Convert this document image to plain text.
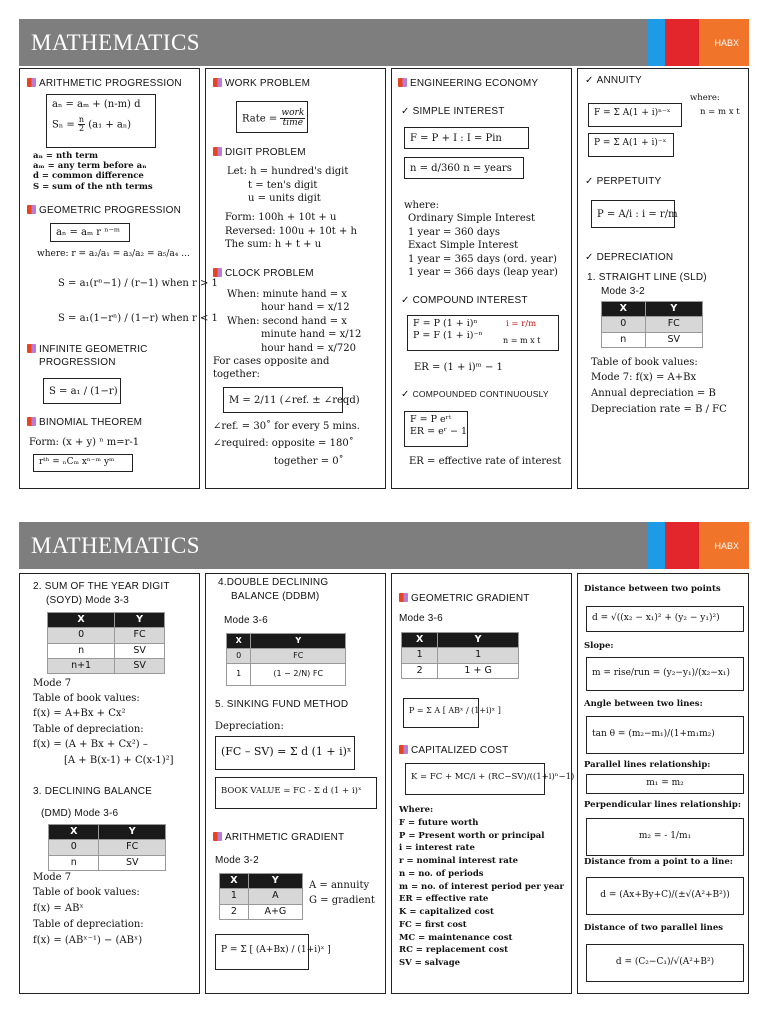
MATHEMATICS	HABX
ARITHMETIC PROGRESSION
aₙ = aₘ + (n-m) d
$S_n = \frac{n}{2} (a_1 + a_n)$
aₙ = nth term
aₘ = any term before aₙ
d = common difference
S = sum of the nth terms
GEOMETRIC PROGRESSION
aₙ = aₘ r ⁿ⁻ᵐ
where: r = a₂/a₁ = a₃/a₂ = a₅/a₄ ...
S = a₁(rⁿ−1) / (r−1) when r > 1
S = a₁(1−rⁿ) / (1−r) when r < 1
INFINITE GEOMETRIC
PROGRESSION
S = a₁ / (1−r)
BINOMIAL THEOREM
Form: (x + y) ⁿ m=r-1
rᵗʰ = ₙCₘ xⁿ⁻ᵐ yᵐ
WORK PROBLEM
Rate = $\frac{\text{work}}{\text{time}}$
DIGIT PROBLEM
Let: h = hundred's digit
t = ten's digit
u = units digit
Form: 100h + 10t + u
Reversed: 100u + 10t + h
The sum: h + t + u
CLOCK PROBLEM
When: minute hand = x
hour hand = x/12
When: second hand = x
minute hand = x/12
hour hand = x/720
For cases opposite and
together:
M = 2/11 (∠ref. ± ∠reqd)
∠ref. = 30˚ for every 5 mins.
∠required: opposite = 180˚
together = 0˚
ENGINEERING ECONOMY
✓ SIMPLE INTEREST
F = P + I : I = Pin
n = d/360 n = years
where:
Ordinary Simple Interest
1 year = 360 days
Exact Simple Interest
1 year = 365 days (ord. year)
1 year = 366 days (leap year)
✓ COMPOUND INTEREST
F = P (1 + i)ⁿ
P = F (1 + i)⁻ⁿ
i = r/m
n = m x t
ER = (1 + i)ᵐ − 1
✓ COMPOUNDED CONTINUOUSLY
F = P eʳᵗ
ER = eʳ − 1
ER = effective rate of interest
✓ ANNUITY
F = Σ A(1 + i)ⁿ⁻ˣ
P = Σ A(1 + i)⁻ˣ
where:
n = m x t
✓ PERPETUITY
P = A/i : i = r/m
✓ DEPRECIATION
1. STRAIGHT LINE (SLD)
Mode 3-2
X	Y
0	FC
n	SV
Table of book values:
Mode 7: f(x) = A+Bx
Annual depreciation = B
Depreciation rate = B / FC
MATHEMATICS	HABX
2. SUM OF THE YEAR DIGIT
(SOYD) Mode 3-3
X	Y
0	FC
n	SV
n+1	SV
Mode 7
Table of book values:
f(x) = A+Bx + Cx²
Table of depreciation:
f(x) = (A + Bx + Cx²) –
[A + B(x-1) + C(x-1)²]
3. DECLINING BALANCE
(DMD) Mode 3-6
X	Y
0	FC
n	SV
Mode 7
Table of book values:
f(x) = ABˣ
Table of depreciation:
f(x) = (ABˣ⁻¹) − (ABˣ)
4.DOUBLE DECLINING
BALANCE (DDBM)
Mode 3-6
X	Y
0	FC
1	(1 − 2/N) FC
5. SINKING FUND METHOD
Depreciation:
(FC – SV) = Σ d (1 + i)ˣ
BOOK VALUE = FC - Σ d (1 + i)ˣ
ARITHMETIC GRADIENT
Mode 3-2
X	Y
1	A
2	A+G
A = annuity
G = gradient
P = Σ [ (A+Bx) / (1+i)ˣ ]
GEOMETRIC GRADIENT
Mode 3-6
X	Y
1	1
2	1 + G
P = Σ A [ ABˣ / (1+i)ˣ ]
CAPITALIZED COST
K = FC + MC/i + (RC−SV)/((1+i)ⁿ−1)
Where:
F = future worth
P = Present worth or principal
i = interest rate
r = nominal interest rate
n = no. of periods
m = no. of interest period per year
ER = effective rate
K = capitalized cost
FC = first cost
MC = maintenance cost
RC = replacement cost
SV = salvage
Distance between two points
d = √((x₂ − x₁)² + (y₂ − y₁)²)
Slope:
m = rise/run = (y₂−y₁)/(x₂−x₁)
Angle between two lines:
tan θ = (m₂−m₁)/(1+m₁m₂)
Parallel lines relationship:
m₁ = m₂
Perpendicular lines relationship:
m₂ = - 1/m₁
Distance from a point to a line:
d = (Ax+By+C)/(±√(A²+B²))
Distance of two parallel lines
d = (C₂−C₁)/√(A²+B²)
